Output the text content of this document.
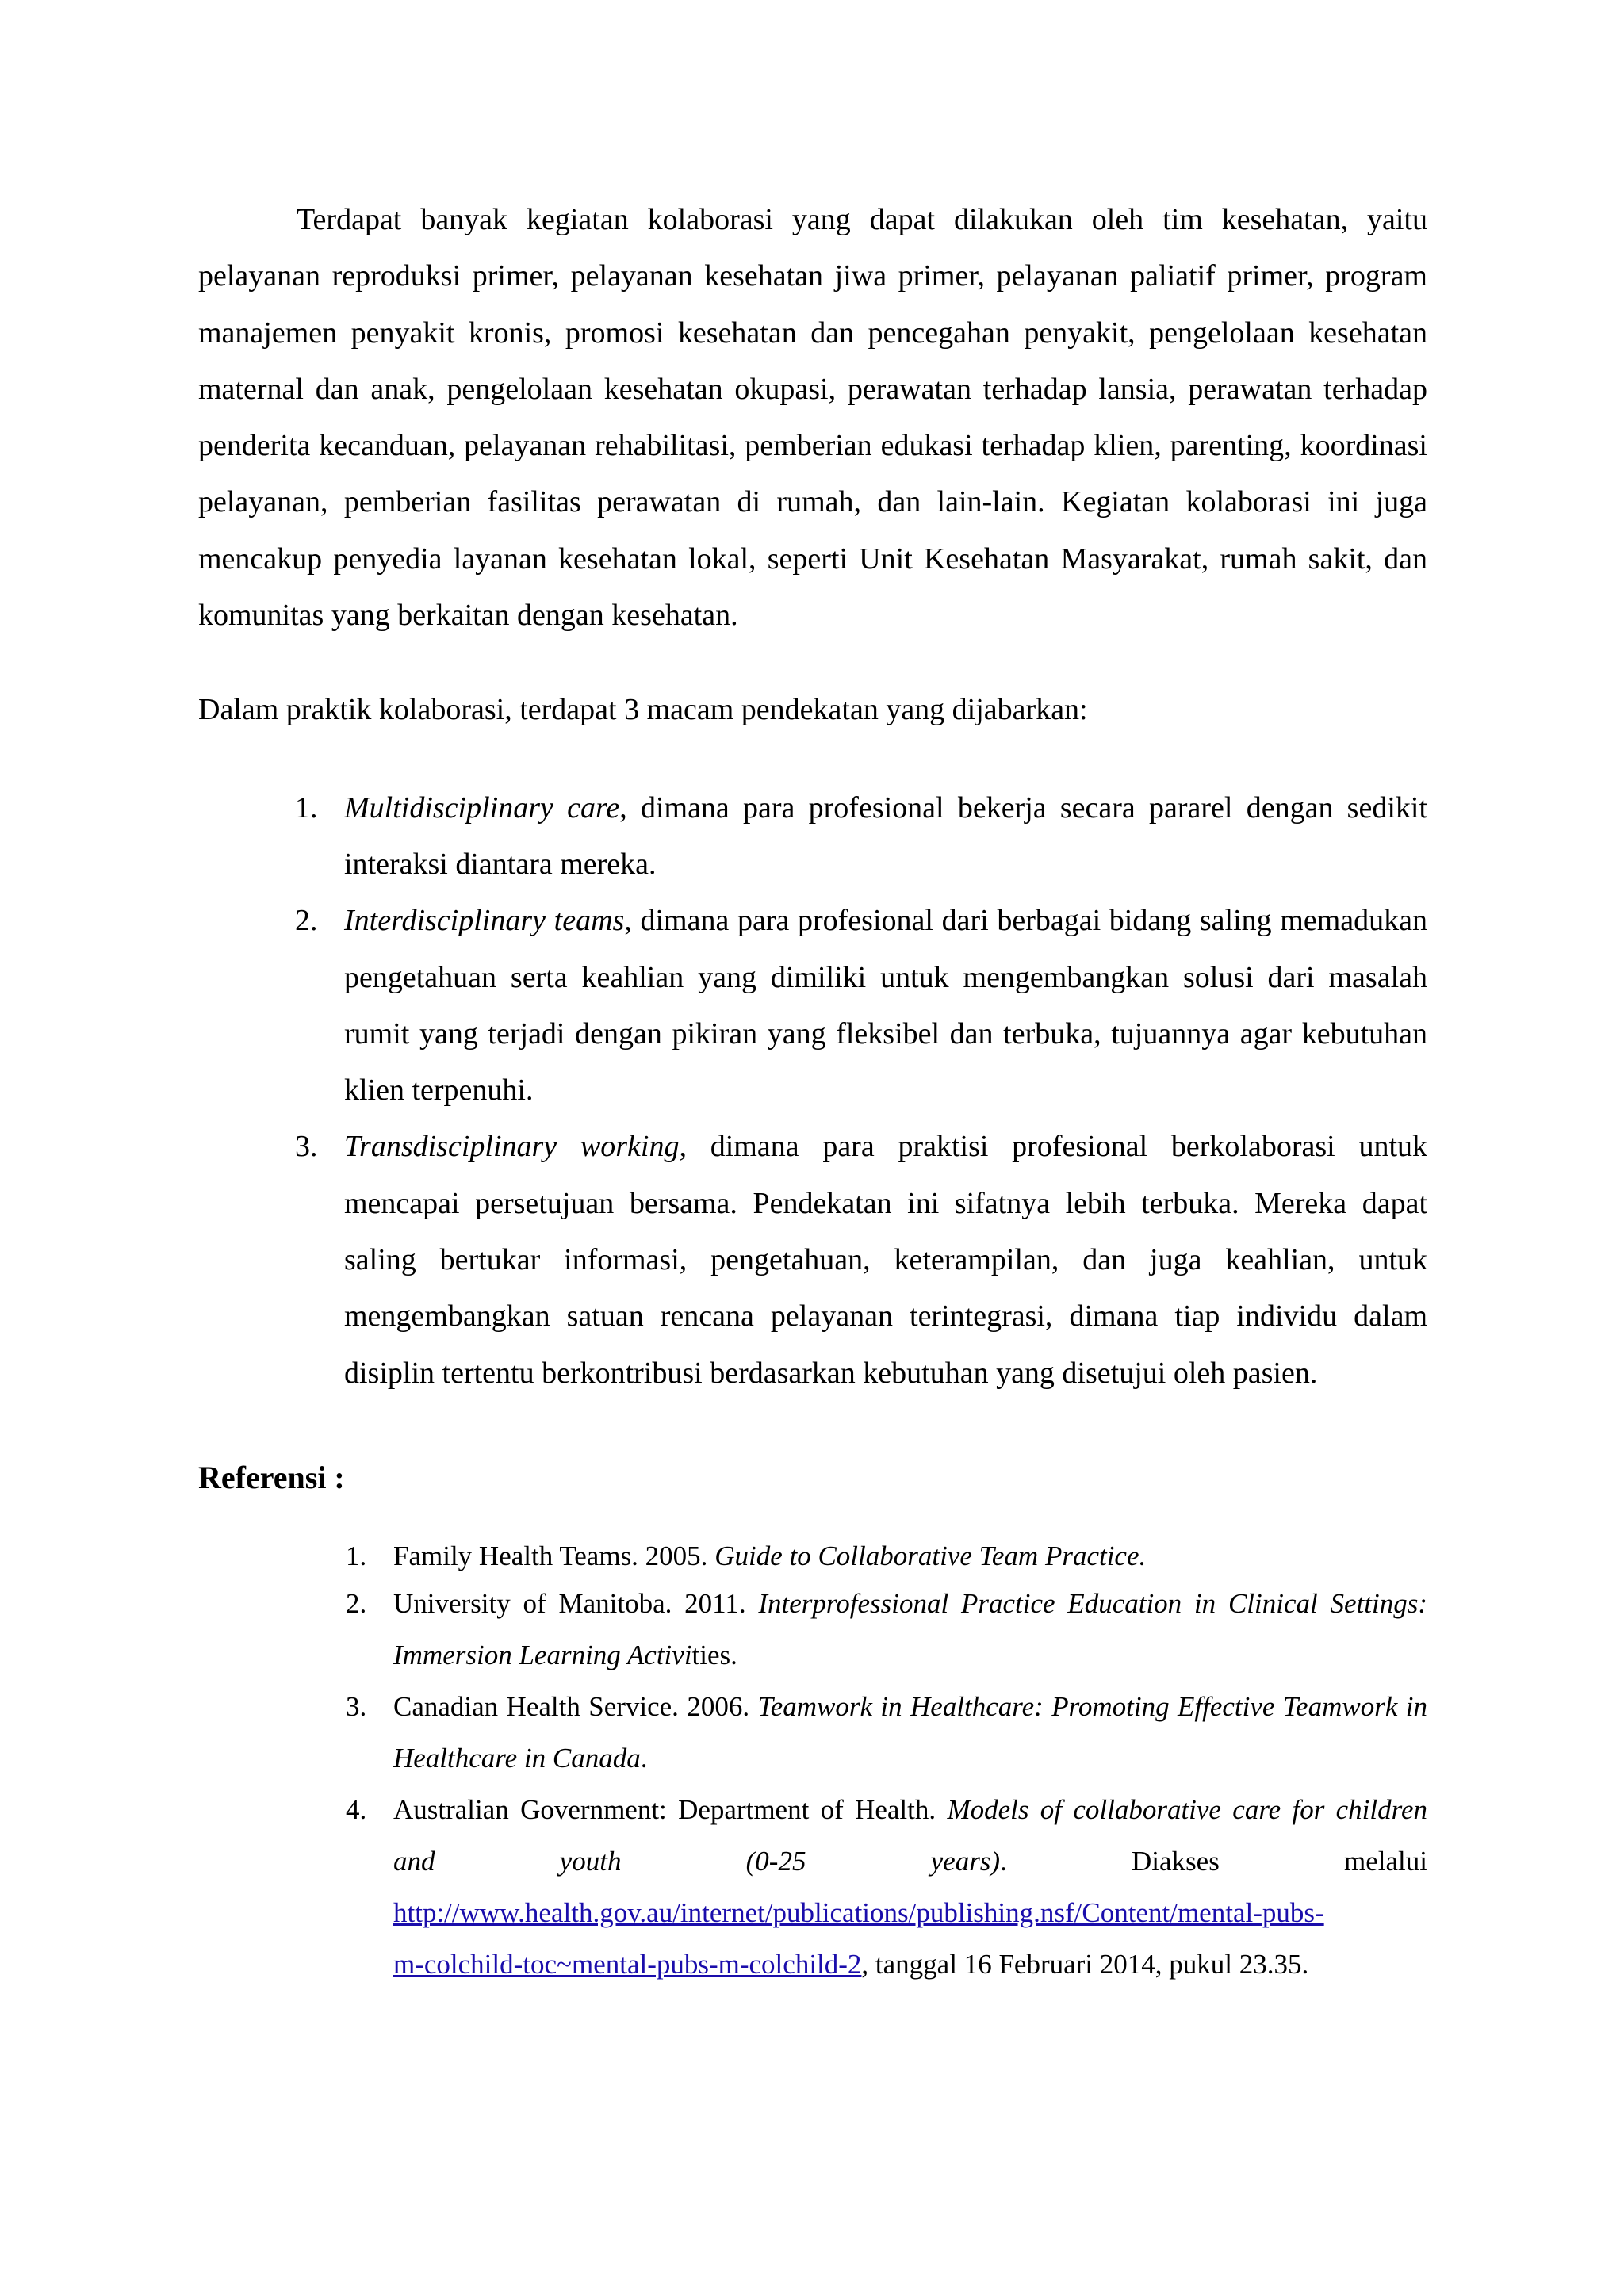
Terdapat banyak kegiatan kolaborasi yang dapat dilakukan oleh tim kesehatan, yaitu pelayanan reproduksi primer, pelayanan kesehatan jiwa primer, pelayanan paliatif primer, program manajemen penyakit kronis, promosi kesehatan dan pencegahan penyakit, pengelolaan kesehatan maternal dan anak, pengelolaan kesehatan okupasi, perawatan terhadap lansia, perawatan terhadap penderita kecanduan, pelayanan rehabilitasi, pemberian edukasi terhadap klien, parenting, koordinasi pelayanan, pemberian fasilitas perawatan di rumah, dan lain-lain. Kegiatan kolaborasi ini juga mencakup penyedia layanan kesehatan lokal, seperti Unit Kesehatan Masyarakat, rumah sakit, dan komunitas yang berkaitan dengan kesehatan.

Dalam praktik kolaborasi, terdapat 3 macam pendekatan yang dijabarkan:

1. Multidisciplinary care, dimana para profesional bekerja secara pararel dengan sedikit interaksi diantara mereka.
2. Interdisciplinary teams, dimana para profesional dari berbagai bidang saling memadukan pengetahuan serta keahlian yang dimiliki untuk mengembangkan solusi dari masalah rumit yang terjadi dengan pikiran yang fleksibel dan terbuka, tujuannya agar kebutuhan klien terpenuhi.
3. Transdisciplinary working, dimana para praktisi profesional berkolaborasi untuk mencapai persetujuan bersama. Pendekatan ini sifatnya lebih terbuka. Mereka dapat saling bertukar informasi, pengetahuan, keterampilan, dan juga keahlian, untuk mengembangkan satuan rencana pelayanan terintegrasi, dimana tiap individu dalam disiplin tertentu berkontribusi berdasarkan kebutuhan yang disetujui oleh pasien.
Referensi :
1. Family Health Teams. 2005. Guide to Collaborative Team Practice.
2. University of Manitoba. 2011. Interprofessional Practice Education in Clinical Settings: Immersion Learning Activities.
3. Canadian Health Service. 2006. Teamwork in Healthcare: Promoting Effective Teamwork in Healthcare in Canada.
4. Australian Government: Department of Health. Models of collaborative care for children and youth (0-25 years). Diakses melalui
http://www.health.gov.au/internet/publications/publishing.nsf/Content/mental-pubs-
m-colchild-toc~mental-pubs-m-colchild-2, tanggal 16 Februari 2014, pukul 23.35.
